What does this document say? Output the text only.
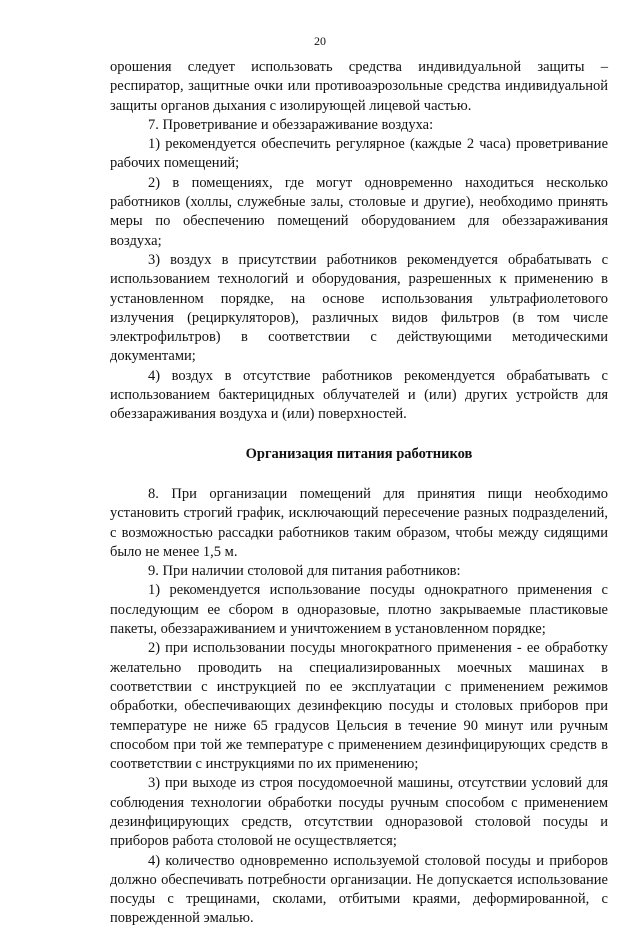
20

орошения следует использовать средства индивидуальной защиты – респиратор, защитные очки или противоаэрозольные средства индивидуальной защиты органов дыхания с изолирующей лицевой частью.

7. Проветривание и обеззараживание воздуха:

1) рекомендуется обеспечить регулярное (каждые 2 часа) проветривание рабочих помещений;

2) в помещениях, где могут одновременно находиться несколько работников (холлы, служебные залы, столовые и другие), необходимо принять меры по обеспечению помещений оборудованием для обеззараживания воздуха;

3) воздух в присутствии работников рекомендуется обрабатывать с использованием технологий и оборудования, разрешенных к применению в установленном порядке, на основе использования ультрафиолетового излучения (рециркуляторов), различных видов фильтров (в том числе электрофильтров) в соответствии с действующими методическими документами;

4) воздух в отсутствие работников рекомендуется обрабатывать с использованием бактерицидных облучателей и (или) других устройств для обеззараживания воздуха и (или) поверхностей.

Организация питания работников

8. При организации помещений для принятия пищи необходимо установить строгий график, исключающий пересечение разных подразделений, с возможностью рассадки работников таким образом, чтобы между сидящими было не менее 1,5 м.

9. При наличии столовой для питания работников:

1) рекомендуется использование посуды однократного применения с последующим ее сбором в одноразовые, плотно закрываемые пластиковые пакеты, обеззараживанием и уничтожением в установленном порядке;

2) при использовании посуды многократного применения - ее обработку желательно проводить на специализированных моечных машинах в соответствии с инструкцией по ее эксплуатации с применением режимов обработки, обеспечивающих дезинфекцию посуды и столовых приборов при температуре не ниже 65 градусов Цельсия в течение 90 минут или ручным способом при той же температуре с применением дезинфицирующих средств в соответствии с инструкциями по их применению;

3) при выходе из строя посудомоечной машины, отсутствии условий для соблюдения технологии обработки посуды ручным способом с применением дезинфицирующих средств, отсутствии одноразовой столовой посуды и приборов работа столовой не осуществляется;

4) количество одновременно используемой столовой посуды и приборов должно обеспечивать потребности организации. Не допускается использование посуды с трещинами, сколами, отбитыми краями, деформированной, с поврежденной эмалью.
